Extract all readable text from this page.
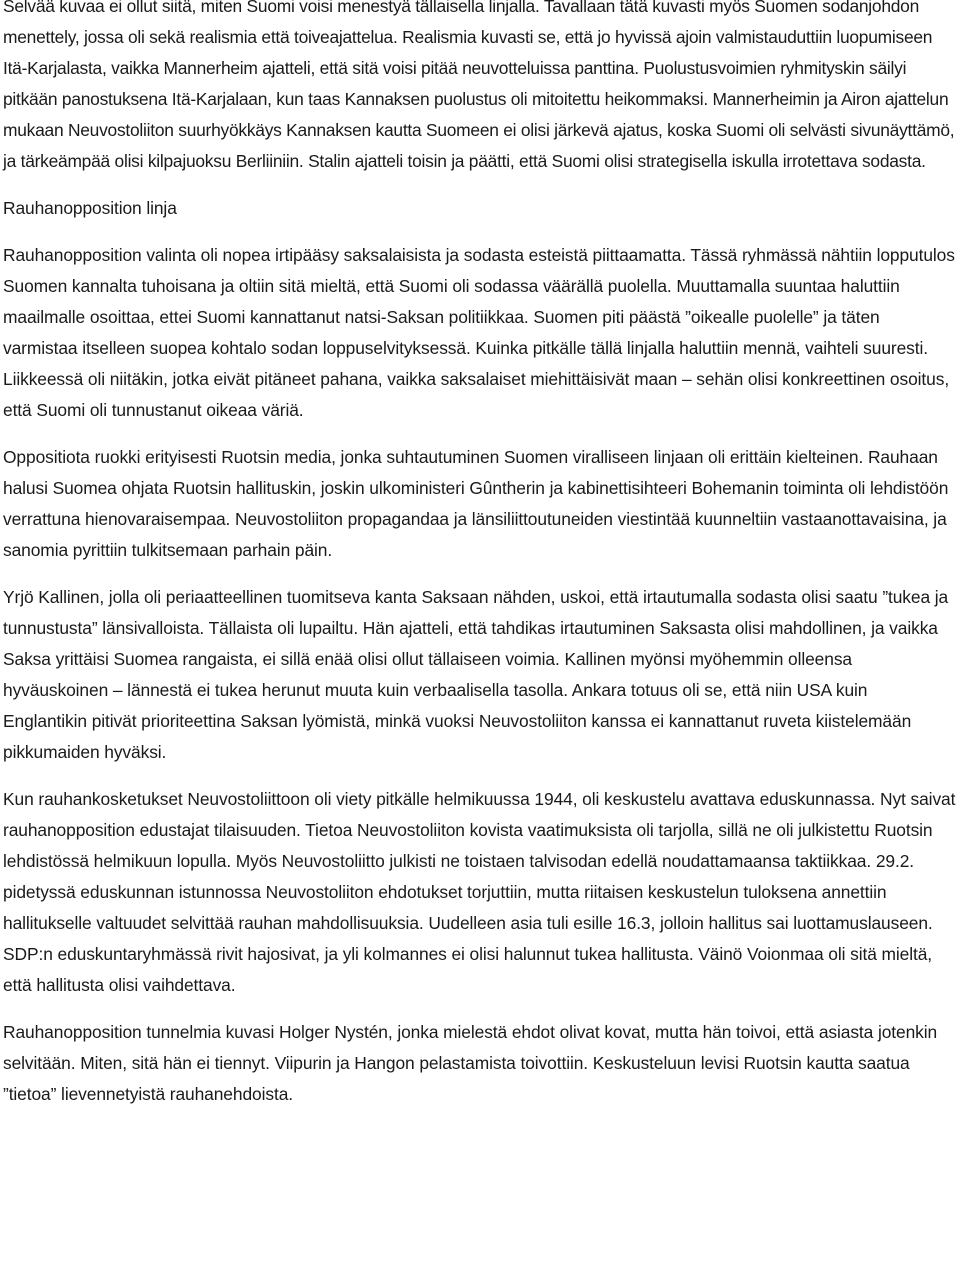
Selvää kuvaa ei ollut siitä, miten Suomi voisi menestyä tällaisella linjalla. Tavallaan tätä kuvasti myös Suomen sodanjohdon menettely, jossa oli sekä realismia että toiveajattelua. Realismia kuvasti se, että jo hyvissä ajoin valmistauduttiin luopumiseen Itä-Karjalasta, vaikka Mannerheim ajatteli, että sitä voisi pitää neuvotteluissa panttina. Puolustusvoimien ryhmityskin säilyi pitkään panostuksena Itä-Karjalaan, kun taas Kannaksen puolustus oli mitoitettu heikommaksi. Mannerheimin ja Airon ajattelun mukaan Neuvostoliiton suurhyökkäys Kannaksen kautta Suomeen ei olisi järkevä ajatus, koska Suomi oli selvästi sivunäyttämö, ja tärkeämpää olisi kilpajuoksu Berliiniin. Stalin ajatteli toisin ja päätti, että Suomi olisi strategisella iskulla irrotettava sodasta.

Rauhanopposition linja

Rauhanopposition valinta oli nopea irtipääsy saksalaisista ja sodasta esteistä piittaamatta. Tässä ryhmässä nähtiin lopputulos Suomen kannalta tuhoisana ja oltiin sitä mieltä, että Suomi oli sodassa väärällä puolella. Muuttamalla suuntaa haluttiin maailmalle osoittaa, ettei Suomi kannattanut natsi-Saksan politiikkaa. Suomen piti päästä ”oikealle puolelle” ja täten varmistaa itselleen suopea kohtalo sodan loppuselvityksessä. Kuinka pitkälle tällä linjalla haluttiin mennä, vaihteli suuresti. Liikkeessä oli niitäkin, jotka eivät pitäneet pahana, vaikka saksalaiset miehittäisivät maan – sehän olisi konkreettinen osoitus, että Suomi oli tunnustanut oikeaa väriä.

Oppositiota ruokki erityisesti Ruotsin media, jonka suhtautuminen Suomen viralliseen linjaan oli erittäin kielteinen. Rauhaan halusi Suomea ohjata Ruotsin hallituskin, joskin ulkoministeri Gûntherin ja kabinettisihteeri Bohemanin toiminta oli lehdistöön verrattuna hienovaraisempaa. Neuvostoliiton propagandaa ja länsiliittoutuneiden viestintää kuunneltiin vastaanottavaisina, ja sanomia pyrittiin tulkitsemaan parhain päin.

Yrjö Kallinen, jolla oli periaatteellinen tuomitseva kanta Saksaan nähden, uskoi, että irtautumalla sodasta olisi saatu ”tukea ja tunnustusta” länsivalloista. Tällaista oli lupailtu. Hän ajatteli, että tahdikas irtautuminen Saksasta olisi mahdollinen, ja vaikka Saksa yrittäisi Suomea rangaista, ei sillä enää olisi ollut tällaiseen voimia. Kallinen myönsi myöhemmin olleensa hyväuskoinen – lännestä ei tukea herunut muuta kuin verbaalisella tasolla. Ankara totuus oli se, että niin USA kuin Englantikin pitivät prioriteettina Saksan lyömistä, minkä vuoksi Neuvostoliiton kanssa ei kannattanut ruveta kiistelemään pikkumaiden hyväksi.

Kun rauhankosketukset Neuvostoliittoon oli viety pitkälle helmikuussa 1944, oli keskustelu avattava eduskunnassa. Nyt saivat rauhanopposition edustajat tilaisuuden. Tietoa Neuvostoliiton kovista vaatimuksista oli tarjolla, sillä ne oli julkistettu Ruotsin lehdistössä helmikuun lopulla. Myös Neuvostoliitto julkisti ne toistaen talvisodan edellä noudattamaansa taktiikkaa. 29.2. pidetyssä eduskunnan istunnossa Neuvostoliiton ehdotukset torjuttiin, mutta riitaisen keskustelun tuloksena annettiin hallitukselle valtuudet selvittää rauhan mahdollisuuksia. Uudelleen asia tuli esille 16.3, jolloin hallitus sai luottamuslauseen. SDP:n eduskuntaryhmässä rivit hajosivat, ja yli kolmannes ei olisi halunnut tukea hallitusta. Väinö Voionmaa oli sitä mieltä, että hallitusta olisi vaihdettava.

Rauhanopposition tunnelmia kuvasi Holger Nystén, jonka mielestä ehdot olivat kovat, mutta hän toivoi, että asiasta jotenkin selvitään. Miten, sitä hän ei tiennyt. Viipurin ja Hangon pelastamista toivottiin. Keskusteluun levisi Ruotsin kautta saatua ”tietoa” lievennetyistä rauhanehdoista.
